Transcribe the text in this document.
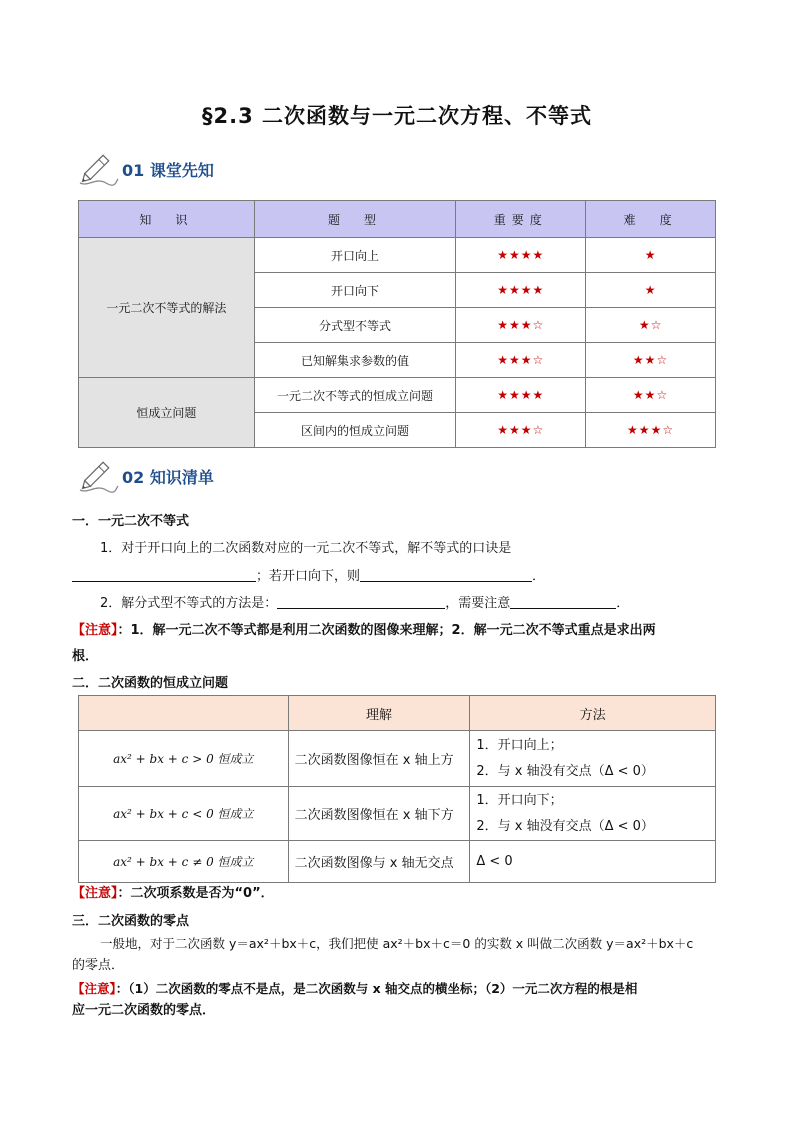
§2.3 二次函数与一元二次方程、不等式
01 课堂先知
知　识	题　型	重要度	难　度
一元二次不等式的解法	开口向上	★★★★	★
	开口向下	★★★★	★
	分式型不等式	★★★☆	★☆
	已知解集求参数的值	★★★☆	★★☆
恒成立问题	一元二次不等式的恒成立问题	★★★★	★★☆
	区间内的恒成立问题	★★★☆	★★★☆
02 知识清单
一．一元二次不等式
1．对于开口向上的二次函数对应的一元二次不等式，解不等式的口诀是
；若开口向下，则	．
2．解分式型不等式的方法是：	，需要注意	．
【注意】：1．解一元二次不等式都是利用二次函数的图像来理解；2．解一元二次不等式重点是求出两
根．
二．二次函数的恒成立问题
	理解	方法
ax² + bx + c > 0 恒成立	二次函数图像恒在 x 轴上方	1．开口向上；
2．与 x 轴没有交点（Δ < 0）

ax² + bx + c < 0 恒成立	二次函数图像恒在 x 轴下方	1．开口向下；
2．与 x 轴没有交点（Δ < 0）

ax² + bx + c ≠ 0 恒成立	二次函数图像与 x 轴无交点	Δ < 0
【注意】：二次项系数是否为“0”．
三．二次函数的零点
一般地，对于二次函数 y＝ax²＋bx＋c，我们把使 ax²＋bx＋c＝0 的实数 x 叫做二次函数 y＝ax²＋bx＋c
的零点．
【注意】：（1）二次函数的零点不是点，是二次函数与 x 轴交点的横坐标；（2）一元二次方程的根是相
应一元二次函数的零点．
